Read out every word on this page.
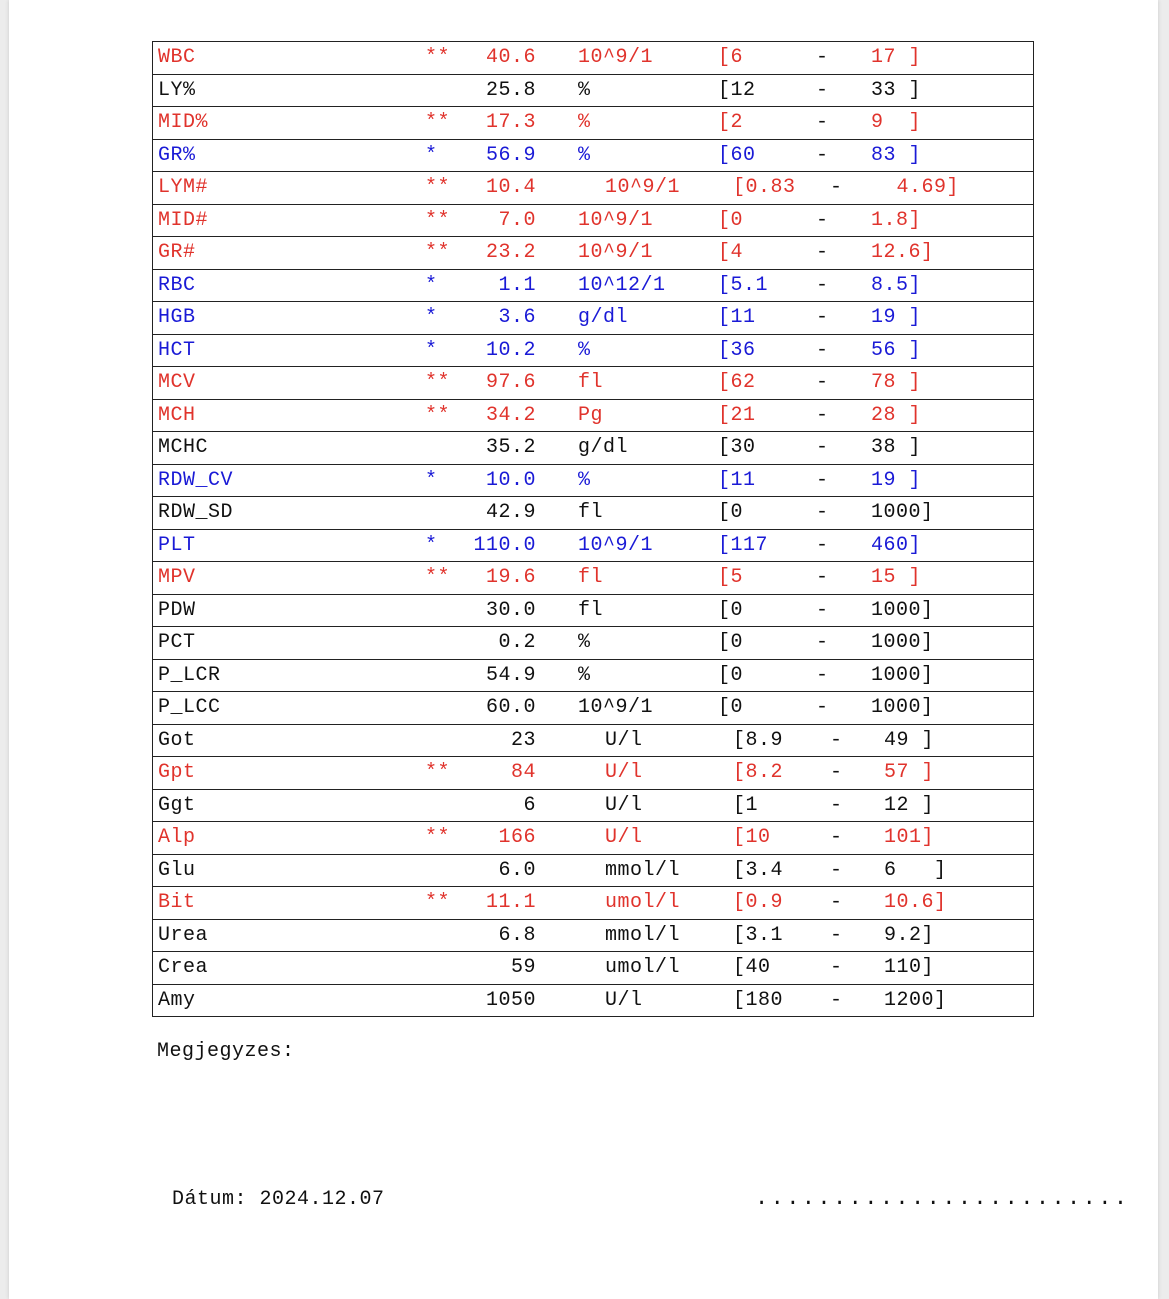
WBC	** 40.6 10^9/1	[6	- 17 ]
LY%	25.8 %	[12	- 33 ]
MID%	** 17.3 %	[2	- 9  ]
GR%	* 56.9 %	[60	- 83 ]
LYM#	** 10.4	10^9/1	[0.83 - 4.69]
MID#	** 7.0 10^9/1	[0	- 1.8]
GR#	** 23.2 10^9/1	[4	- 12.6]
RBC	*	1.1 10^12/1	[5.1 - 8.5]
HGB	*	3.6 g/dl	[11	- 19 ]
HCT	* 10.2 %	[36	- 56 ]
MCV	** 97.6 fl	[62	- 78 ]
MCH	** 34.2 Pg	[21	- 28 ]
MCHC	35.2 g/dl	[30	- 38 ]
RDW_CV	* 10.0 %	[11	- 19 ]
RDW_SD	42.9 fl	[0	- 1000]
PLT	* 110.0 10^9/1	[117 - 460]
MPV	** 19.6 fl	[5	- 15 ]
PDW	30.0 fl	[0	- 1000]
PCT	0.2 %	[0	- 1000]
P_LCR	54.9 %	[0	- 1000]
P_LCC	60.0 10^9/1	[0	- 1000]
Got	23	U/l	[8.9 - 49 ]
Gpt	**	84	U/l	[8.2 - 57 ]
Ggt	6	U/l	[1	- 12 ]
Alp	** 166	U/l	[10	- 101]
Glu	6.0	mmol/l	[3.4 - 6   ]
Bit	** 11.1	umol/l	[0.9 - 10.6]
Urea	6.8	mmol/l	[3.1 - 9.2]
Crea	59	umol/l	[40	- 110]
Amy	1050	U/l	[180 - 1200]
Megjegyzes:
Dátum: 2024.12.07	........................
